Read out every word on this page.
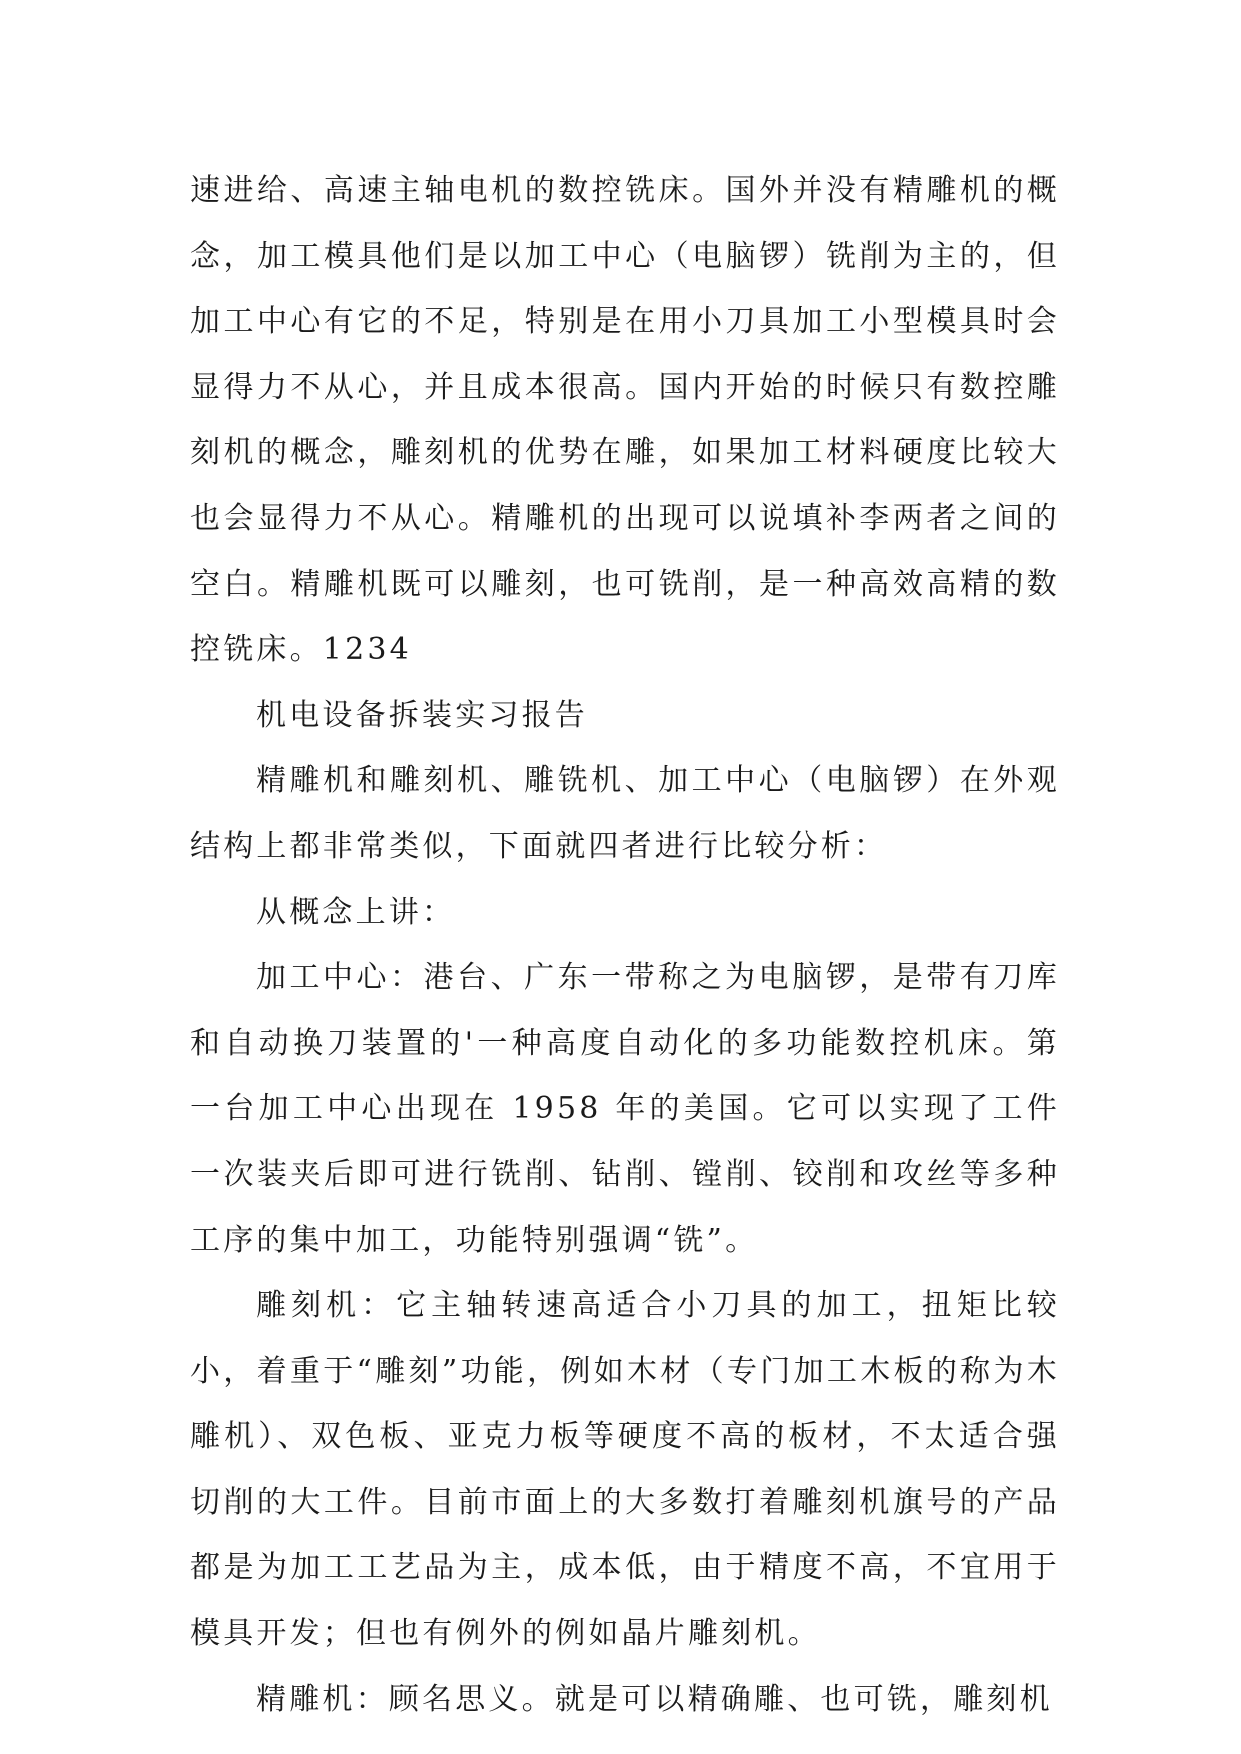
速进给、高速主轴电机的数控铣床。国外并没有精雕机的概念，加工模具他们是以加工中心（电脑锣）铣削为主的，但加工中心有它的不足，特别是在用小刀具加工小型模具时会显得力不从心，并且成本很高。国内开始的时候只有数控雕刻机的概念，雕刻机的优势在雕，如果加工材料硬度比较大也会显得力不从心。精雕机的出现可以说填补李两者之间的空白。精雕机既可以雕刻，也可铣削，是一种高效高精的数控铣床。1234

机电设备拆装实习报告

精雕机和雕刻机、雕铣机、加工中心（电脑锣）在外观结构上都非常类似，下面就四者进行比较分析：

从概念上讲：

加工中心：港台、广东一带称之为电脑锣，是带有刀库和自动换刀装置的'一种高度自动化的多功能数控机床。第一台加工中心出现在 1958 年的美国。它可以实现了工件一次装夹后即可进行铣削、钻削、镗削、铰削和攻丝等多种工序的集中加工，功能特别强调“铣”。

雕刻机：它主轴转速高适合小刀具的加工，扭矩比较小，着重于“雕刻”功能，例如木材（专门加工木板的称为木雕机）、双色板、亚克力板等硬度不高的板材，不太适合强切削的大工件。目前市面上的大多数打着雕刻机旗号的产品都是为加工工艺品为主，成本低，由于精度不高，不宜用于模具开发；但也有例外的例如晶片雕刻机。

精雕机：顾名思义。就是可以精确雕、也可铣，雕刻机
